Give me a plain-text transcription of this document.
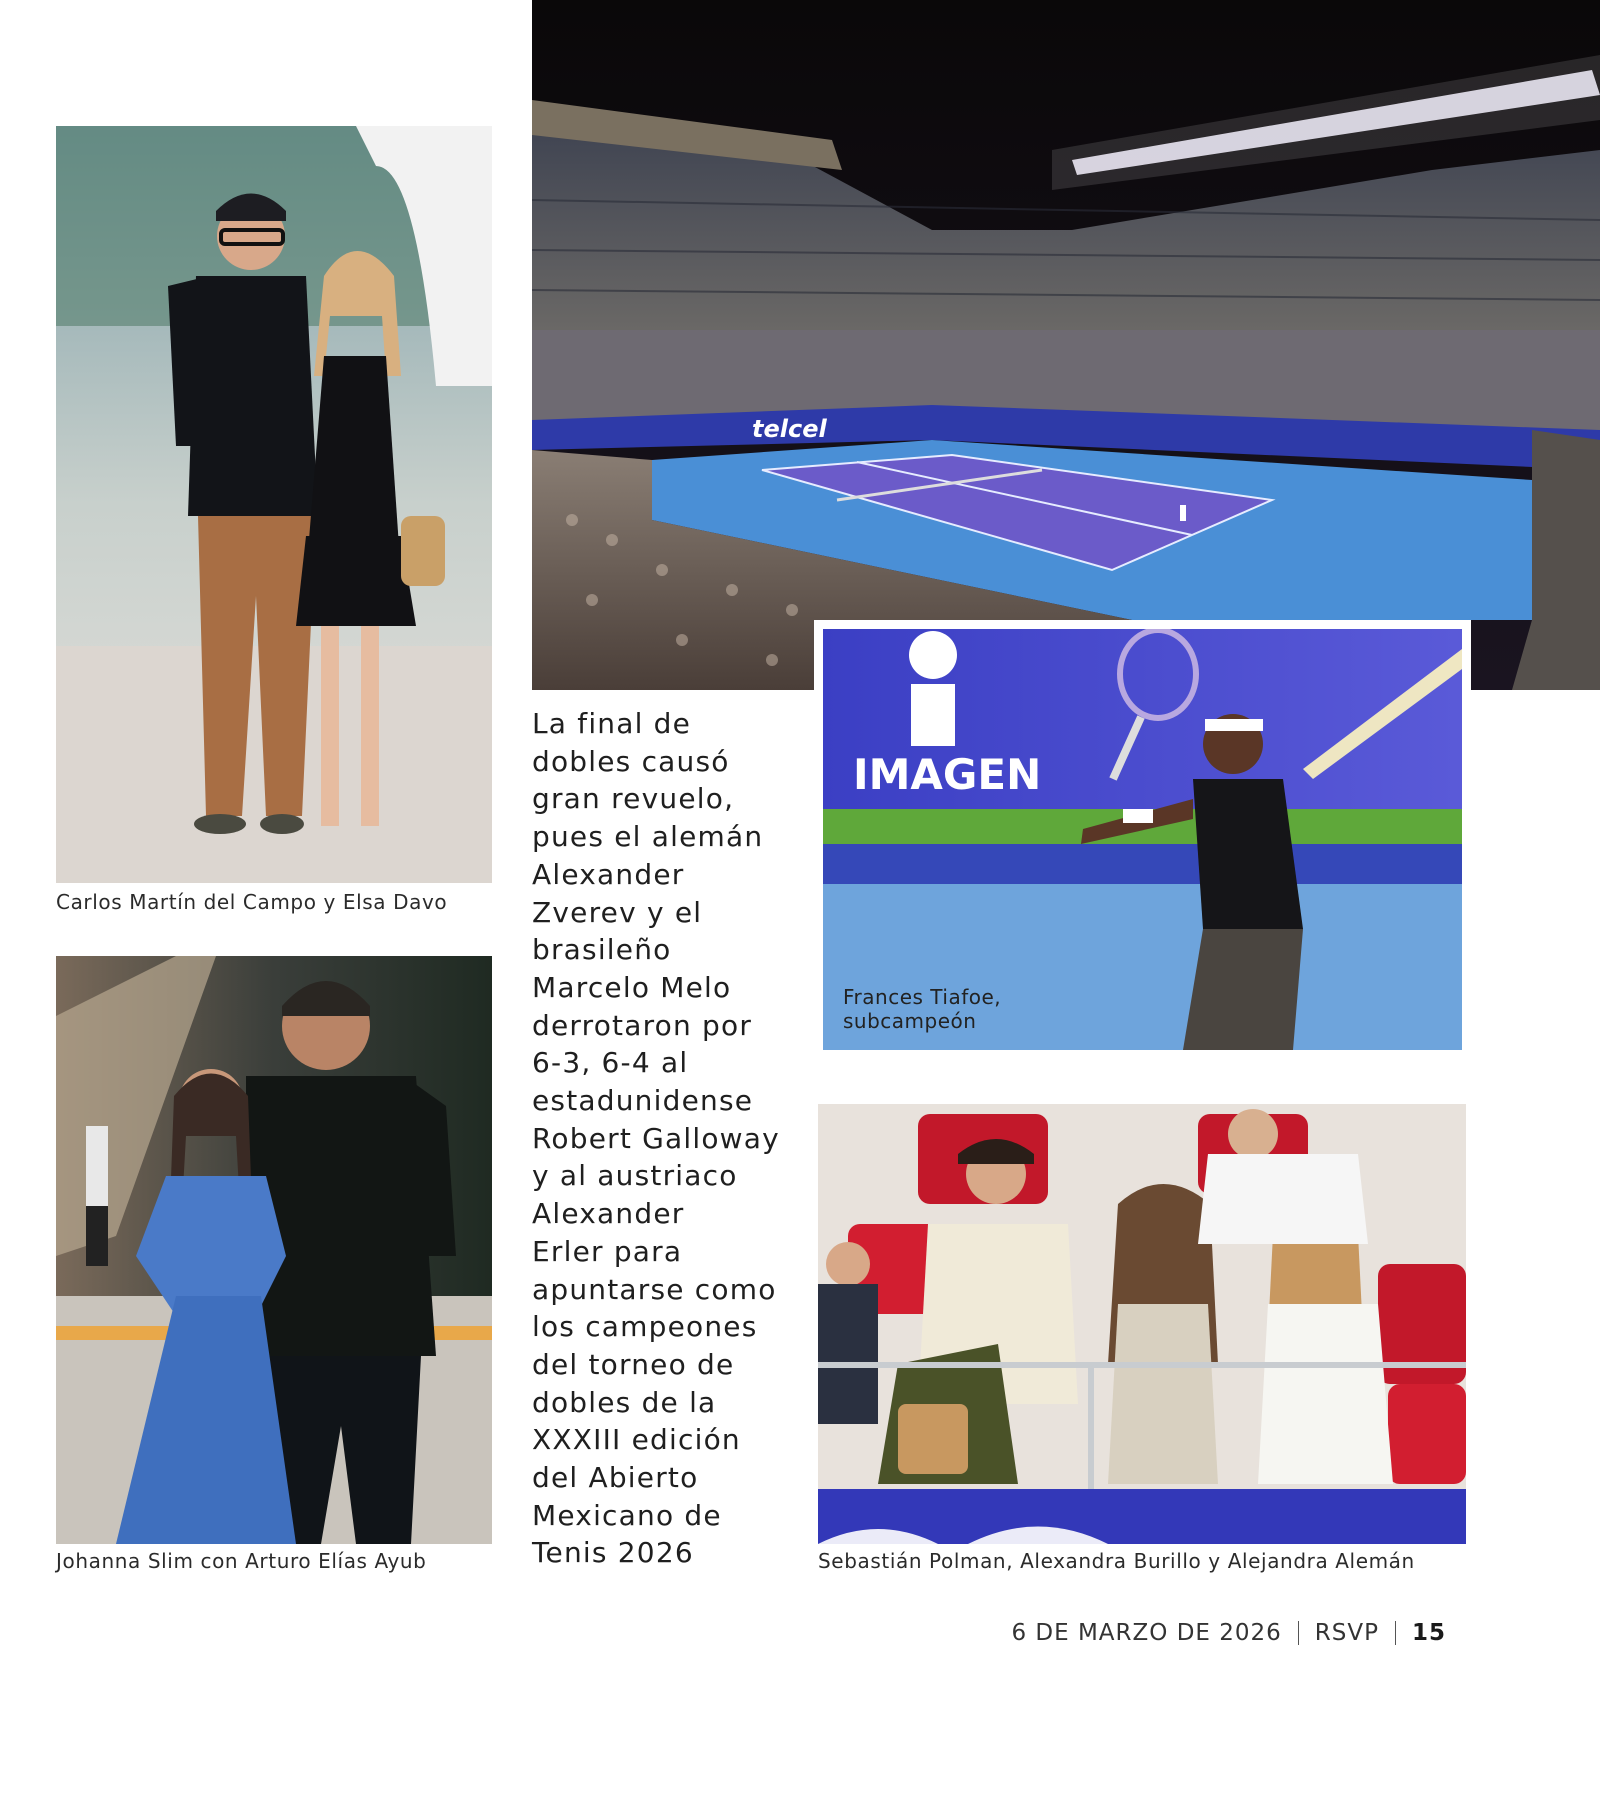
telcel
Carlos Martín del Campo y Elsa Davo
Johanna Slim con Arturo Elías Ayub
La final de
dobles causó
gran revuelo,
pues el alemán
Alexander
Zverev y el
brasileño
Marcelo Melo
derrotaron por
6-3, 6-4 al
estadunidense
Robert Galloway
y al austriaco
Alexander
Erler para
apuntarse como
los campeones
del torneo de
dobles de la
XXXIII edición
del Abierto
Mexicano de
Tenis 2026
IMAGEN
Frances Tiafoe,
subcampeón
Sebastián Polman, Alexandra Burillo y Alejandra Alemán
6 DE MARZO DE 2026 RSVP 15
